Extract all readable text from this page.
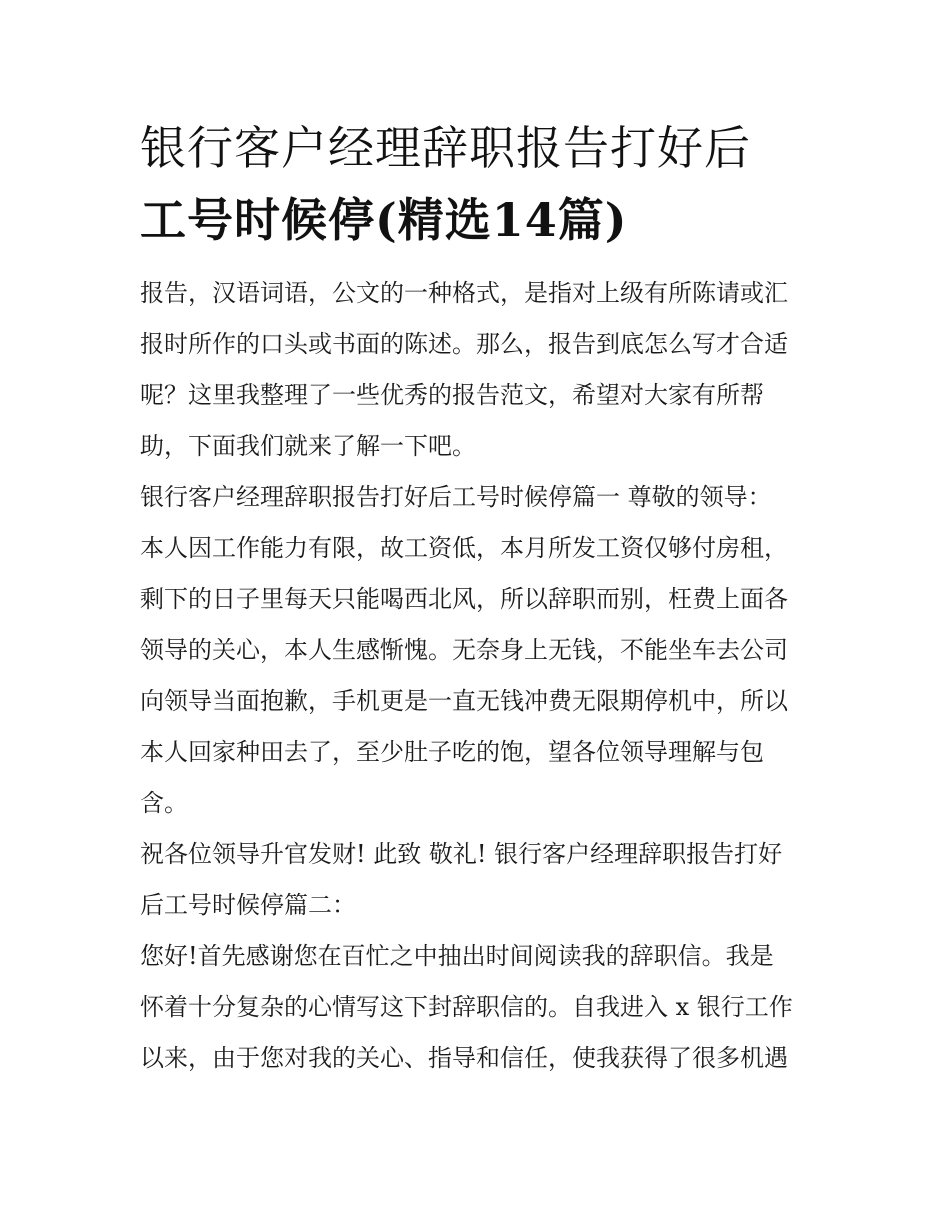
银行客户经理辞职报告打好后
工号时候停(精选14篇)

报告，汉语词语，公文的一种格式，是指对上级有所陈请或汇
报时所作的口头或书面的陈述。那么，报告到底怎么写才合适
呢？这里我整理了一些优秀的报告范文，希望对大家有所帮
助，下面我们就来了解一下吧。

银行客户经理辞职报告打好后工号时候停篇一 尊敬的领导：

本人因工作能力有限，故工资低，本月所发工资仅够付房租，
剩下的日子里每天只能喝西北风，所以辞职而别，枉费上面各
领导的关心，本人生感惭愧。无奈身上无钱，不能坐车去公司
向领导当面抱歉，手机更是一直无钱冲费无限期停机中，所以
本人回家种田去了，至少肚子吃的饱，望各位领导理解与包
含。

祝各位领导升官发财! 此致 敬礼! 银行客户经理辞职报告打好
后工号时候停篇二：

您好!首先感谢您在百忙之中抽出时间阅读我的辞职信。我是
怀着十分复杂的心情写这下封辞职信的。自我进入 x 银行工作
以来，由于您对我的关心、指导和信任，使我获得了很多机遇
